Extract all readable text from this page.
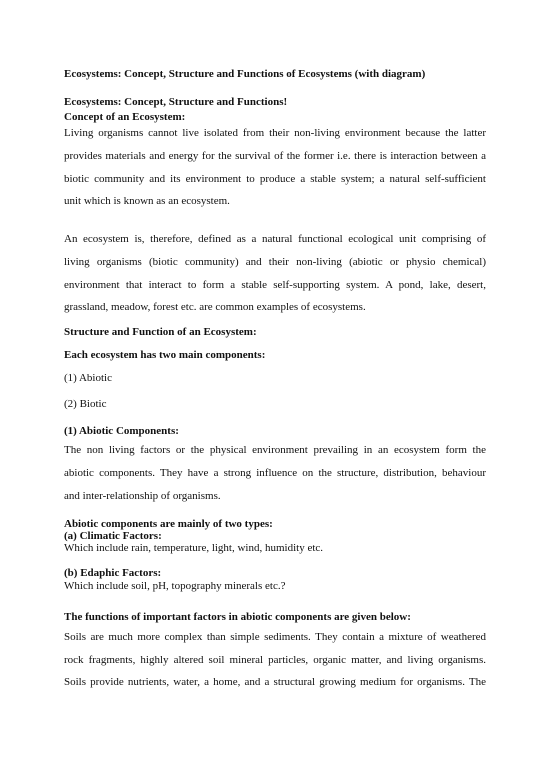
Ecosystems: Concept, Structure and Functions of Ecosystems (with diagram)
Ecosystems: Concept, Structure and Functions!
Concept of an Ecosystem:
Living organisms cannot live isolated from their non-living environment because the latter
provides materials and energy for the survival of the former i.e. there is interaction between a
biotic community and its environment to produce a stable system; a natural self-sufficient
unit which is known as an ecosystem.
An ecosystem is, therefore, defined as a natural functional ecological unit comprising of
living organisms (biotic community) and their non-living (abiotic or physio chemical)
environment that interact to form a stable self-supporting system. A pond, lake, desert,
grassland, meadow, forest etc. are common examples of ecosystems.
Structure and Function of an Ecosystem:
Each ecosystem has two main components:
(1) Abiotic
(2) Biotic
(1) Abiotic Components:
The non living factors or the physical environment prevailing in an ecosystem form the
abiotic components. They have a strong influence on the structure, distribution, behaviour
and inter-relationship of organisms.
Abiotic components are mainly of two types:
(a) Climatic Factors:
Which include rain, temperature, light, wind, humidity etc.
(b) Edaphic Factors:
Which include soil, pH, topography minerals etc.?
The functions of important factors in abiotic components are given below:
Soils are much more complex than simple sediments. They contain a mixture of weathered
rock fragments, highly altered soil mineral particles, organic matter, and living organisms.
Soils provide nutrients, water, a home, and a structural growing medium for organisms. The
